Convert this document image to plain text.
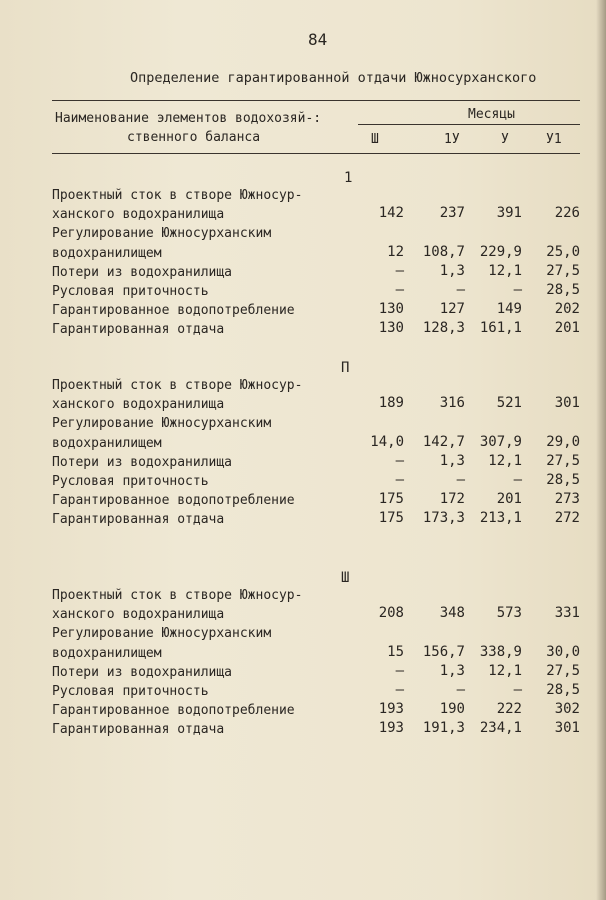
84
Определение гарантированной отдачи Южносурханского
Наименование элементов водохозяй-:
ственного баланса
Месяцы
Ш	1У	У	У1
1
Проектный сток в створе Южносур-
ханского водохранилища	142	237	391	226
Регулирование Южносурханским
водохранилищем	12	108,7	229,9	25,0
Потери из водохранилища	–	1,3	12,1	27,5
Русловая приточность	–	–	–	28,5
Гарантированное водопотребление	130	127	149	202
Гарантированная отдача	130	128,3	161,1	201
П
Проектный сток в створе Южносур-
ханского водохранилища	189	316	521	301
Регулирование Южносурханским
водохранилищем	14,0	142,7	307,9	29,0
Потери из водохранилища	–	1,3	12,1	27,5
Русловая приточность	–	–	–	28,5
Гарантированное водопотребление	175	172	201	273
Гарантированная отдача	175	173,3	213,1	272
Ш
Проектный сток в створе Южносур-
ханского водохранилища	208	348	573	331
Регулирование Южносурханским
водохранилищем	15	156,7	338,9	30,0
Потери из водохранилища	–	1,3	12,1	27,5
Русловая приточность	–	–	–	28,5
Гарантированное водопотребление	193	190	222	302
Гарантированная отдача	193	191,3	234,1	301
